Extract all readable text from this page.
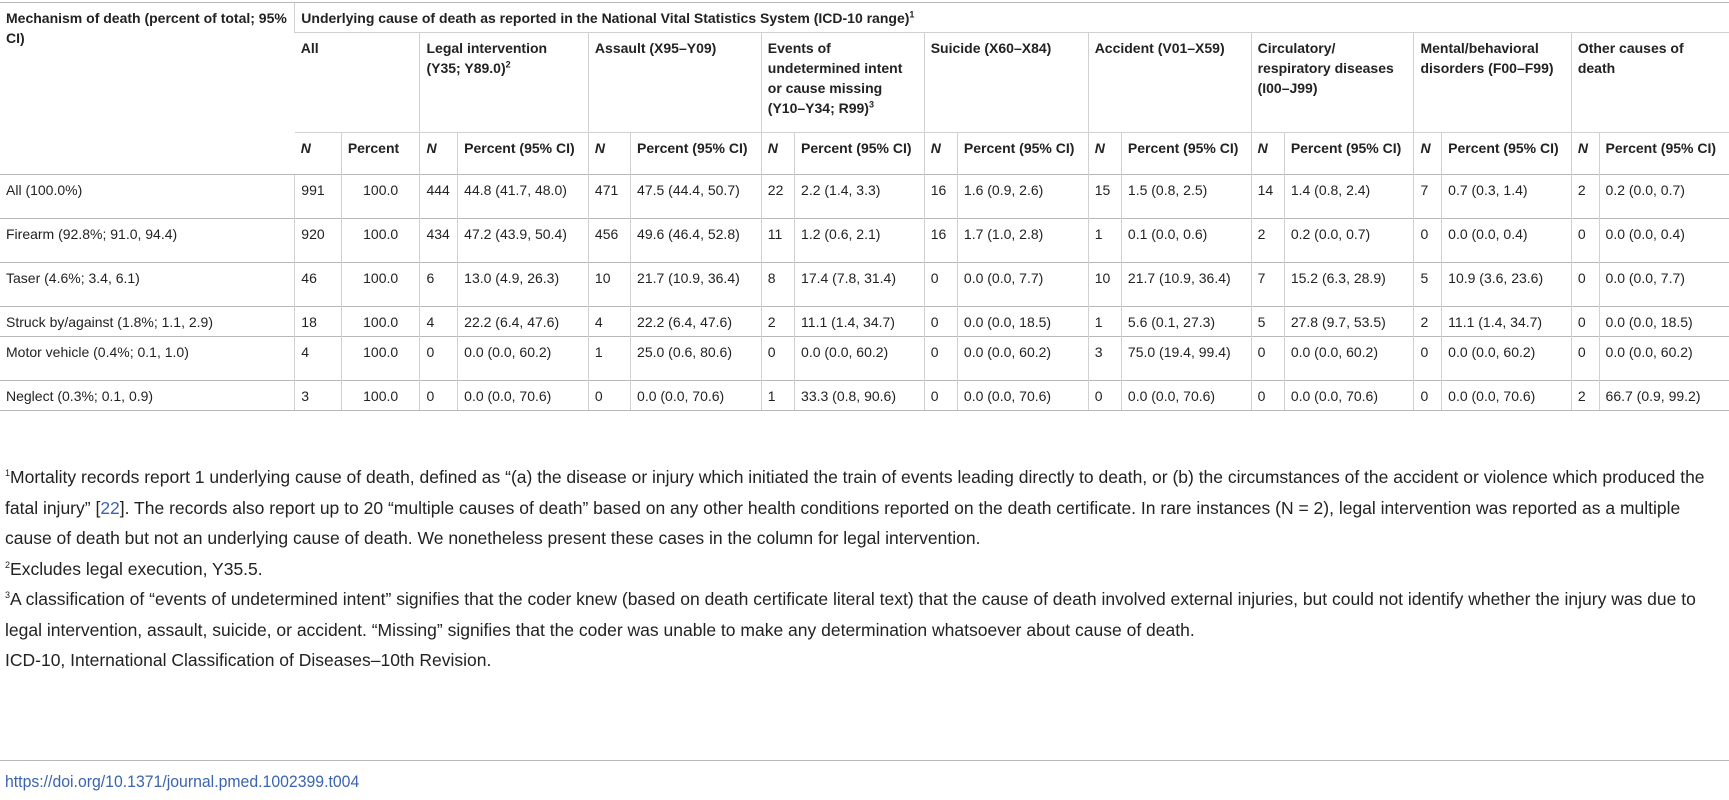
Mechanism of death (percent of total; 95% CI)	Underlying cause of death as reported in the National Vital Statistics System (ICD-10 range)$^1$
	All		Legal intervention (Y35; Y89.0)$^2$		Assault (X95–Y09)		Events of undetermined intent or cause missing (Y10–Y34; R99)$^3$		Suicide (X60–X84)		Accident (V01–X59)		Circulatory/ respiratory diseases (I00–J99)		Mental/behavioral disorders (F00–F99)		Other causes of death	
	N	Percent	N	Percent (95% CI)	N	Percent (95% CI)	N	Percent (95% CI)	N	Percent (95% CI)	N	Percent (95% CI)	N	Percent (95% CI)	N	Percent (95% CI)	N	Percent (95% CI)
All (100.0%)	991	100.0	444	44.8 (41.7, 48.0)	471	47.5 (44.4, 50.7)	22	2.2 (1.4, 3.3)	16	1.6 (0.9, 2.6)	15	1.5 (0.8, 2.5)	14	1.4 (0.8, 2.4)	7	0.7 (0.3, 1.4)	2	0.2 (0.0, 0.7)
Firearm (92.8%; 91.0, 94.4)	920	100.0	434	47.2 (43.9, 50.4)	456	49.6 (46.4, 52.8)	11	1.2 (0.6, 2.1)	16	1.7 (1.0, 2.8)	1	0.1 (0.0, 0.6)	2	0.2 (0.0, 0.7)	0	0.0 (0.0, 0.4)	0	0.0 (0.0, 0.4)
Taser (4.6%; 3.4, 6.1)	46	100.0	6	13.0 (4.9, 26.3)	10	21.7 (10.9, 36.4)	8	17.4 (7.8, 31.4)	0	0.0 (0.0, 7.7)	10	21.7 (10.9, 36.4)	7	15.2 (6.3, 28.9)	5	10.9 (3.6, 23.6)	0	0.0 (0.0, 7.7)
Struck by/against (1.8%; 1.1, 2.9)	18	100.0	4	22.2 (6.4, 47.6)	4	22.2 (6.4, 47.6)	2	11.1 (1.4, 34.7)	0	0.0 (0.0, 18.5)	1	5.6 (0.1, 27.3)	5	27.8 (9.7, 53.5)	2	11.1 (1.4, 34.7)	0	0.0 (0.0, 18.5)
Motor vehicle (0.4%; 0.1, 1.0)	4	100.0	0	0.0 (0.0, 60.2)	1	25.0 (0.6, 80.6)	0	0.0 (0.0, 60.2)	0	0.0 (0.0, 60.2)	3	75.0 (19.4, 99.4)	0	0.0 (0.0, 60.2)	0	0.0 (0.0, 60.2)	0	0.0 (0.0, 60.2)
Neglect (0.3%; 0.1, 0.9)	3	100.0	0	0.0 (0.0, 70.6)	0	0.0 (0.0, 70.6)	1	33.3 (0.8, 90.6)	0	0.0 (0.0, 70.6)	0	0.0 (0.0, 70.6)	0	0.0 (0.0, 70.6)	0	0.0 (0.0, 70.6)	2	66.7 (0.9, 99.2)

$^1$Mortality records report 1 underlying cause of death, defined as “(a) the disease or injury which initiated the train of events leading directly to death, or (b) the circumstances of the accident or violence which produced the fatal injury” [22]. The records also report up to 20 “multiple causes of death” based on any other health conditions reported on the death certificate. In rare instances (N = 2), legal intervention was reported as a multiple cause of death but not an underlying cause of death. We nonetheless present these cases in the column for legal intervention.

$^2$Excludes legal execution, Y35.5.

$^3$A classification of “events of undetermined intent” signifies that the coder knew (based on death certificate literal text) that the cause of death involved external injuries, but could not identify whether the injury was due to legal intervention, assault, suicide, or accident. “Missing” signifies that the coder was unable to make any determination whatsoever about cause of death.

ICD-10, International Classification of Diseases–10th Revision.

https://doi.org/10.1371/journal.pmed.1002399.t004
